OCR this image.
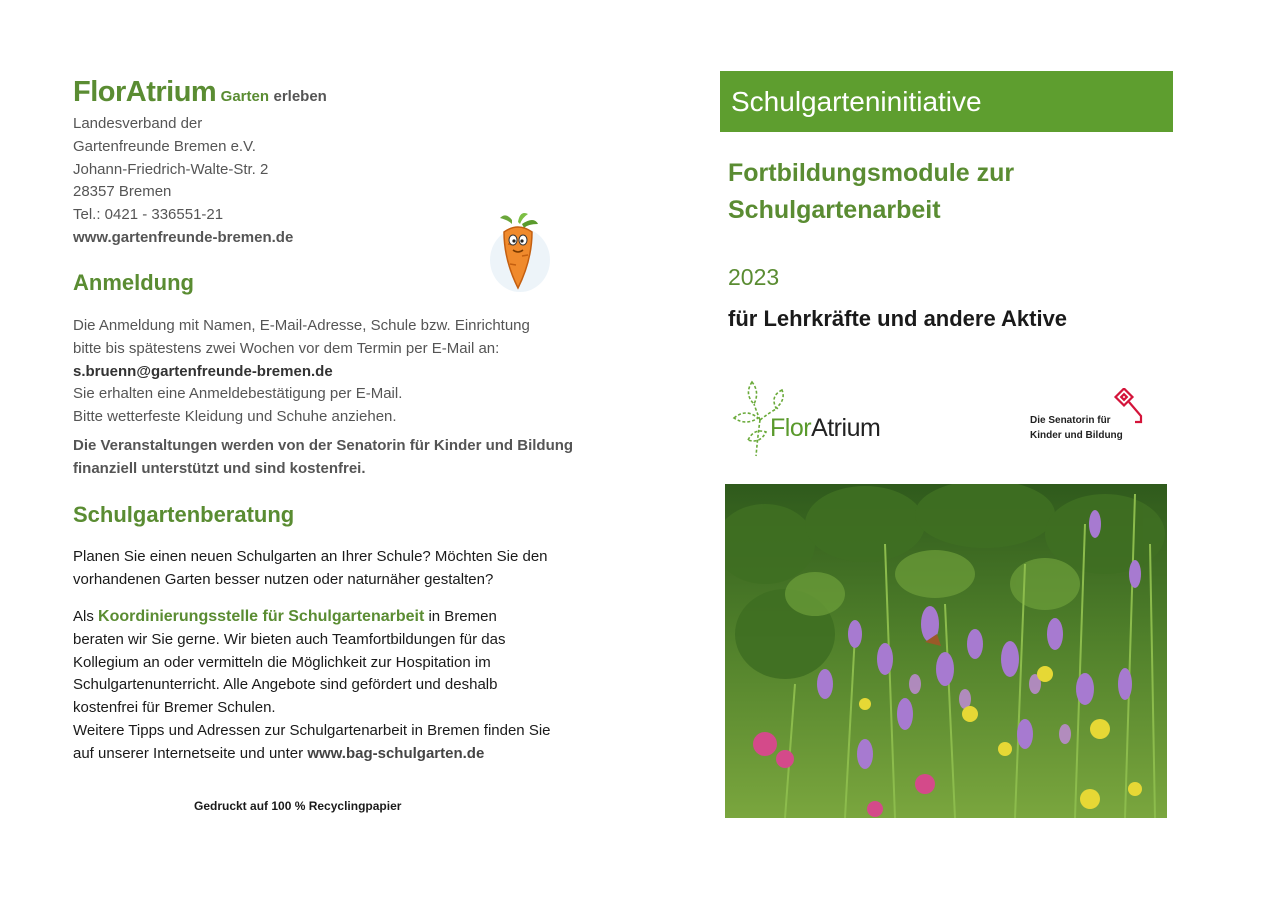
FlorAtrium Garten erleben
Landesverband der
Gartenfreunde Bremen e.V.
Johann-Friedrich-Walte-Str. 2
28357 Bremen
Tel.: 0421 - 336551-21
www.gartenfreunde-bremen.de
Anmeldung
Die Anmeldung mit Namen, E-Mail-Adresse, Schule bzw. Einrichtung
bitte bis spätestens zwei Wochen vor dem Termin per E-Mail an:
s.bruenn@gartenfreunde-bremen.de
Sie erhalten eine Anmeldebestätigung per E-Mail.
Bitte wetterfeste Kleidung und Schuhe anziehen.
Die Veranstaltungen werden von der Senatorin für Kinder und Bildung
finanziell unterstützt und sind kostenfrei.
Schulgartenberatung
Planen Sie einen neuen Schulgarten an Ihrer Schule? Möchten Sie den
vorhandenen Garten besser nutzen oder naturnäher gestalten?
Als Koordinierungsstelle für Schulgartenarbeit in Bremen
beraten wir Sie gerne. Wir bieten auch Teamfortbildungen für das
Kollegium an oder vermitteln die Möglichkeit zur Hospitation im
Schulgartenunterricht. Alle Angebote sind gefördert und deshalb
kostenfrei für Bremer Schulen.
Weitere Tipps und Adressen zur Schulgartenarbeit in Bremen finden Sie
auf unserer Internetseite und unter www.bag-schulgarten.de
Gedruckt auf 100 % Recyclingpapier
Schulgarteninitiative
Fortbildungsmodule zur
Schulgartenarbeit
2023
für Lehrkräfte und andere Aktive
FlorAtrium	Die Senatorin für
Kinder und Bildung
